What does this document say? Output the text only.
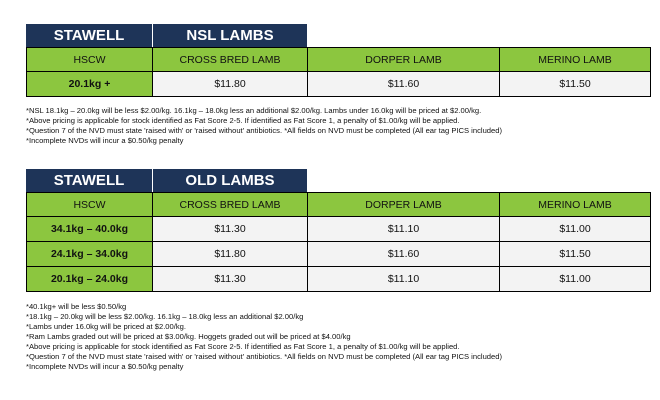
STAWELL	NSL LAMBS
HSCW	CROSS BRED LAMB	DORPER LAMB	MERINO LAMB
20.1kg +	$11.80	$11.60	$11.50
*NSL 18.1kg – 20.0kg will be less $2.00/kg. 16.1kg – 18.0kg less an additional $2.00/kg. Lambs under 16.0kg will be priced at $2.00/kg.
*Above pricing is applicable for stock identified as Fat Score 2-5. If identified as Fat Score 1, a penalty of $1.00/kg will be applied.
*Question 7 of the NVD must state 'raised with' or 'raised without' antibiotics. *All fields on NVD must be completed (All ear tag PICS included)
*Incomplete NVDs will incur a $0.50/kg penalty
STAWELL	OLD LAMBS
HSCW	CROSS BRED LAMB	DORPER LAMB	MERINO LAMB
34.1kg – 40.0kg	$11.30	$11.10	$11.00
24.1kg – 34.0kg	$11.80	$11.60	$11.50
20.1kg – 24.0kg	$11.30	$11.10	$11.00
*40.1kg+ will be less $0.50/kg
*18.1kg – 20.0kg will be less $2.00/kg. 16.1kg – 18.0kg less an additional $2.00/kg
*Lambs under 16.0kg will be priced at $2.00/kg.
*Ram Lambs graded out will be priced at $3.00/kg. Hoggets graded out will be priced at $4.00/kg
*Above pricing is applicable for stock identified as Fat Score 2-5. If identified as Fat Score 1, a penalty of $1.00/kg will be applied.
*Question 7 of the NVD must state 'raised with' or 'raised without' antibiotics. *All fields on NVD must be completed (All ear tag PICS included)
*Incomplete NVDs will incur a $0.50/kg penalty
